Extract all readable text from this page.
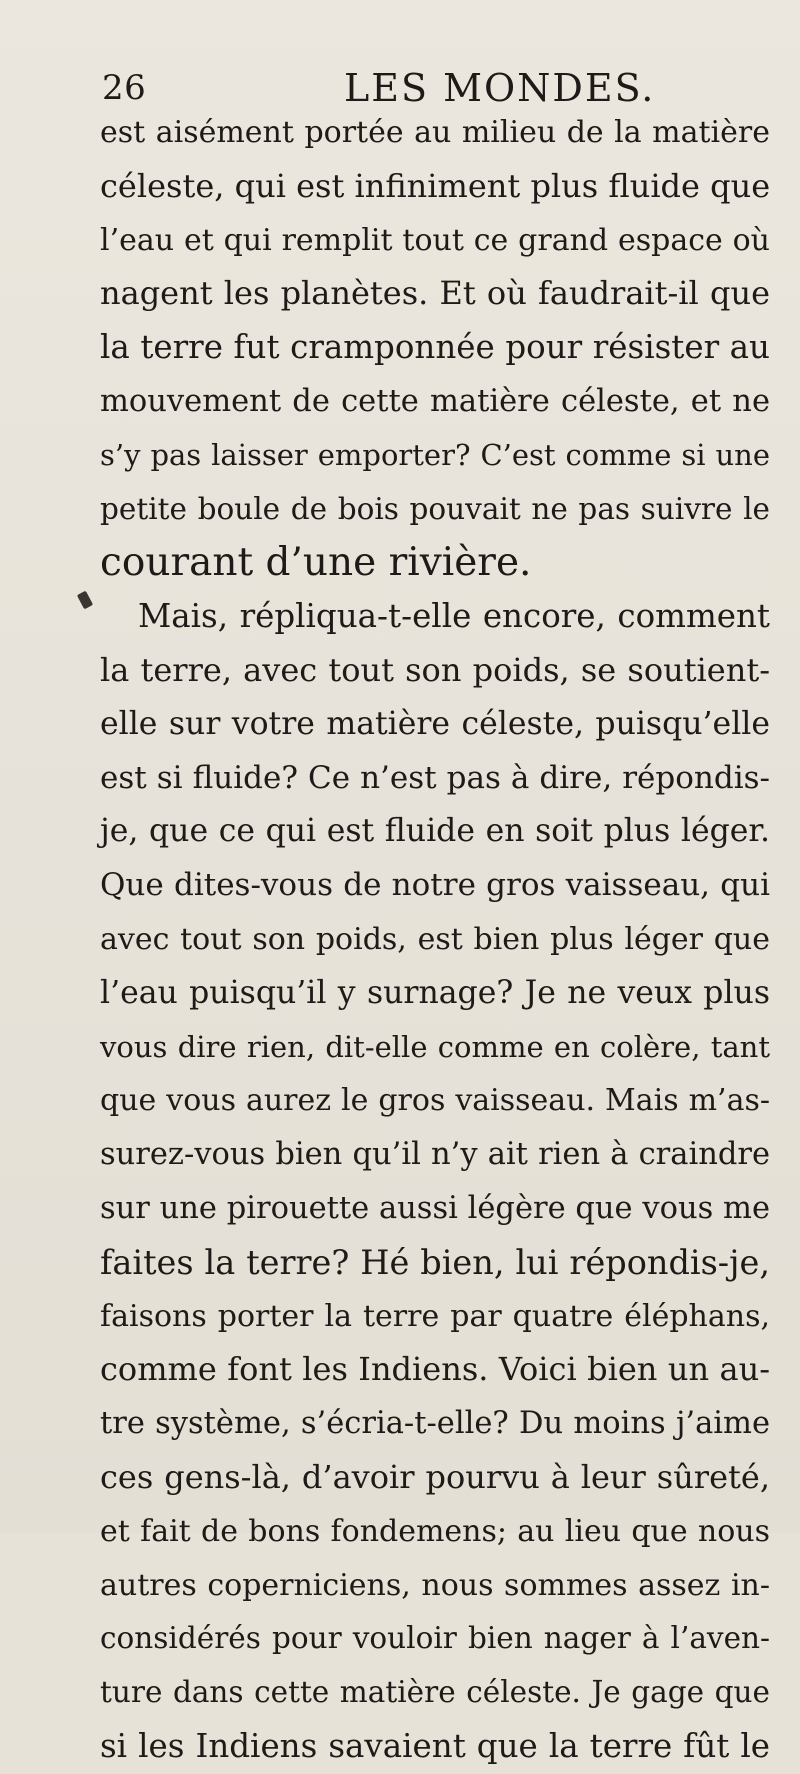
26	LES MONDES.
est aisément portée au milieu de la matière
céleste, qui est infiniment plus fluide que
l’eau et qui remplit tout ce grand espace où
nagent les planètes. Et où faudrait-il que
la terre fut cramponnée pour résister au
mouvement de cette matière céleste, et ne
s’y pas laisser emporter? C’est comme si une
petite boule de bois pouvait ne pas suivre le
courant d’une rivière.
Mais, répliqua-t-elle encore, comment
la terre, avec tout son poids, se soutient-
elle sur votre matière céleste, puisqu’elle
est si fluide? Ce n’est pas à dire, répondis-
je, que ce qui est fluide en soit plus léger.
Que dites-vous de notre gros vaisseau, qui
avec tout son poids, est bien plus léger que
l’eau puisqu’il y surnage? Je ne veux plus
vous dire rien, dit-elle comme en colère, tant
que vous aurez le gros vaisseau. Mais m’as-
surez-vous bien qu’il n’y ait rien à craindre
sur une pirouette aussi légère que vous me
faites la terre? Hé bien, lui répondis-je,
faisons porter la terre par quatre éléphans,
comme font les Indiens. Voici bien un au-
tre système, s’écria-t-elle? Du moins j’aime
ces gens-là, d’avoir pourvu à leur sûreté,
et fait de bons fondemens; au lieu que nous
autres coperniciens, nous sommes assez in-
considérés pour vouloir bien nager à l’aven-
ture dans cette matière céleste. Je gage que
si les Indiens savaient que la terre fût le
